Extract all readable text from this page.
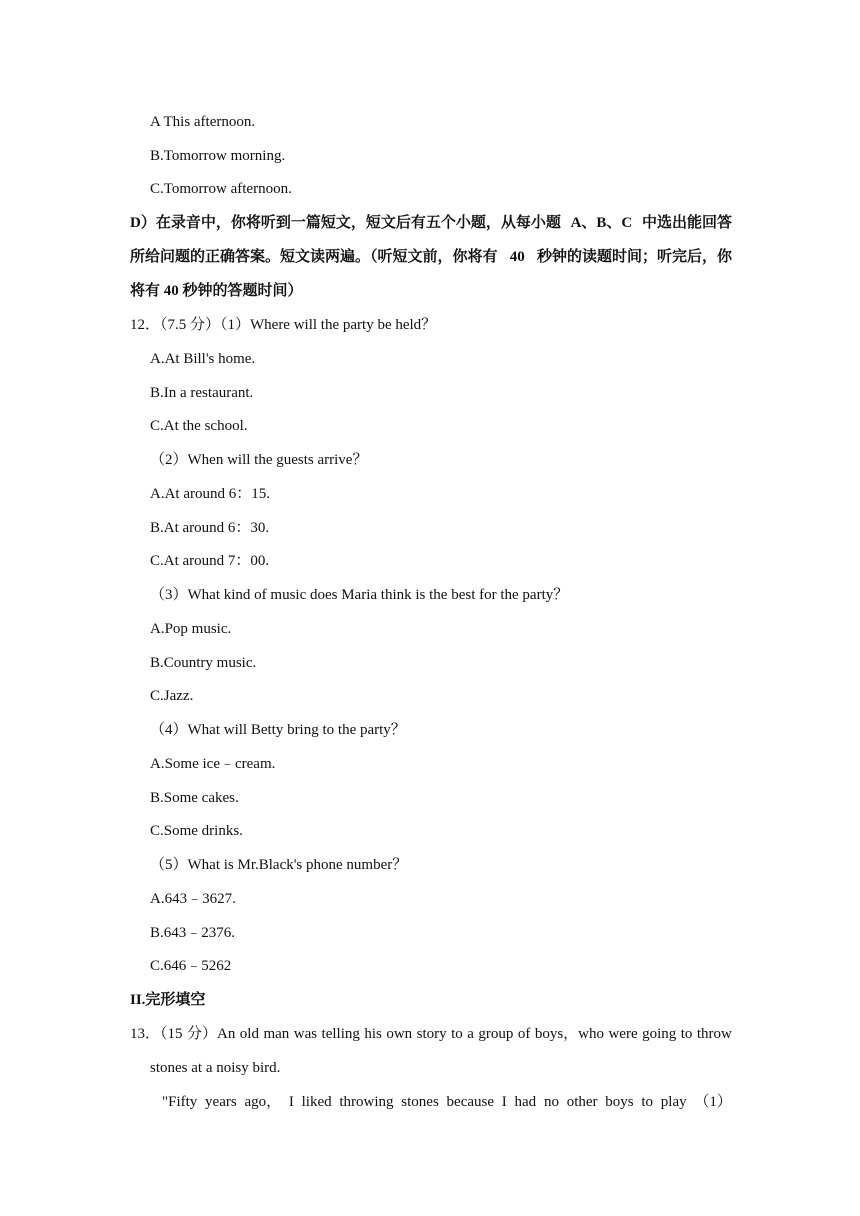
A This afternoon.
B.Tomorrow morning.
C.Tomorrow afternoon.
D）在录音中，你将听到一篇短文，短文后有五个小题，从每小题 A、B、C 中选出能回答
所给问题的正确答案。短文读两遍。（听短文前，你将有 40 秒钟的读题时间；听完后，你
将有 40 秒钟的答题时间）
12．（7.5 分）（1）Where will the party be held？
A.At Bill's home.
B.In a restaurant.
C.At the school.
（2）When will the guests arrive？
A.At around 6：15.
B.At around 6：30.
C.At around 7：00.
（3）What kind of music does Maria think is the best for the party？
A.Pop music.
B.Country music.
C.Jazz.
（4）What will Betty bring to the party？
A.Some ice﹣cream.
B.Some cakes.
C.Some drinks.
（5）What is Mr.Black's phone number？
A.643﹣3627.
B.643﹣2376.
C.646﹣5262
II.完形填空
13．（15 分）An old man was telling his own story to a group of boys，who were going to throw
stones at a noisy bird.
"Fifty years ago， I liked throwing stones because I had no other boys to play （1）
